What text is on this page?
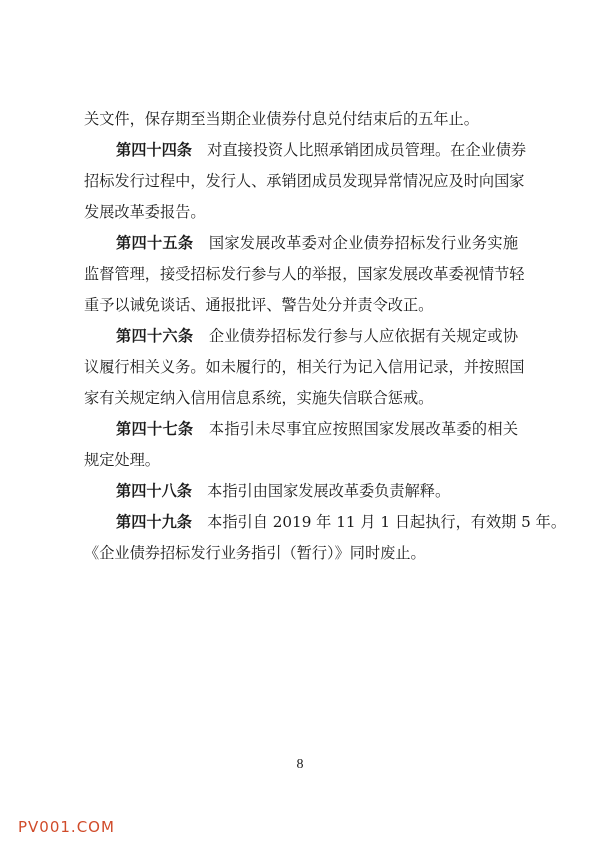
关文件，保存期至当期企业债券付息兑付结束后的五年止。

第四十四条　 对直接投资人比照承销团成员管理。在企业债券
招标发行过程中，发行人、承销团成员发现异常情况应及时向国家
发展改革委报告。

第四十五条　 国家发展改革委对企业债券招标发行业务实施
监督管理，接受招标发行参与人的举报，国家发展改革委视情节轻
重予以诫免谈话、通报批评、警告处分并责令改正。

第四十六条　 企业债券招标发行参与人应依据有关规定或协
议履行相关义务。如未履行的，相关行为记入信用记录，并按照国
家有关规定纳入信用信息系统，实施失信联合惩戒。

第四十七条　 本指引未尽事宜应按照国家发展改革委的相关
规定处理。

第四十八条　 本指引由国家发展改革委负责解释。

第四十九条　 本指引自 2019 年 11 月 1 日起执行，有效期 5 年。
《企业债券招标发行业务指引（暂行）》同时废止。

8
PV001.COM
